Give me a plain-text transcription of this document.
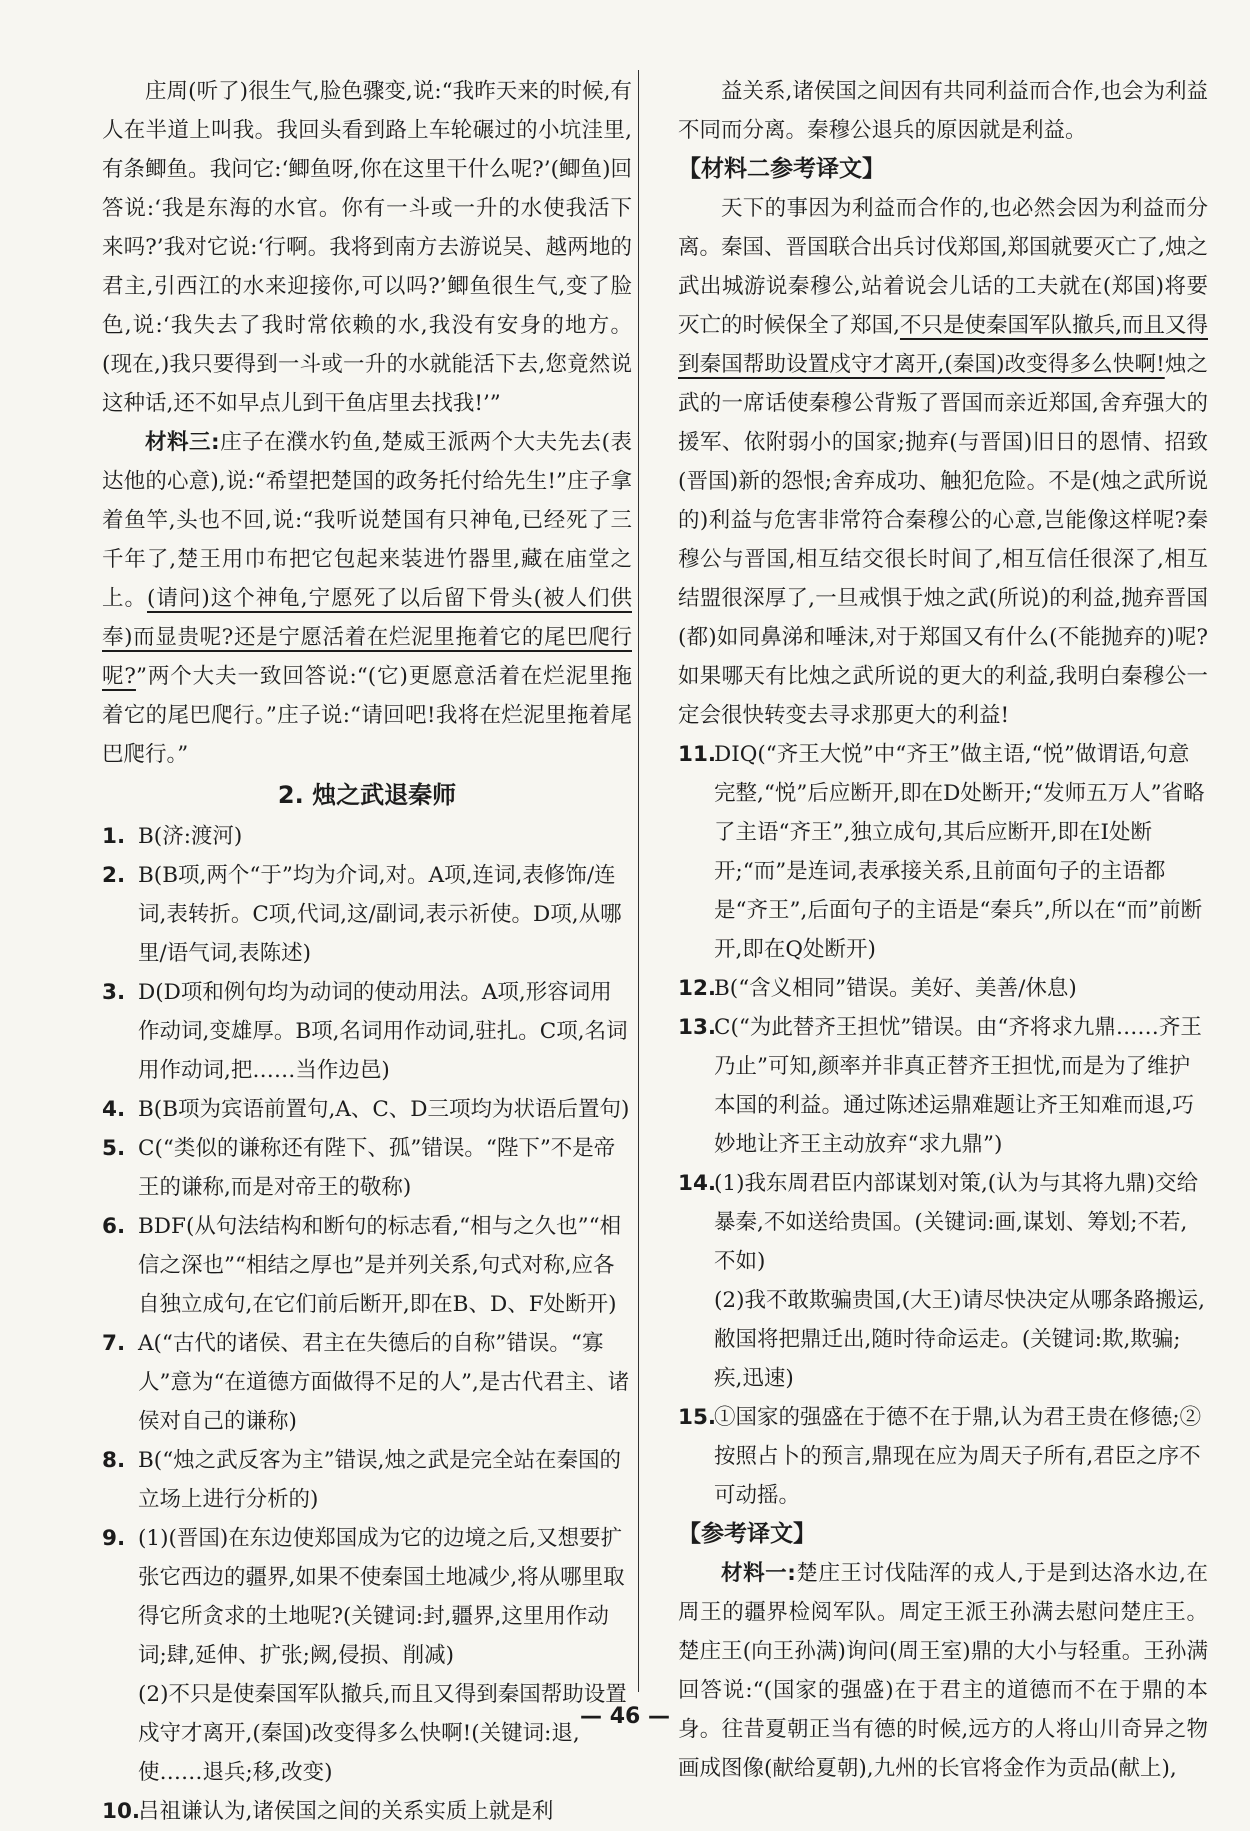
庄周(听了)很生气,脸色骤变,说:“我昨天来的时候,有人在半道上叫我。我回头看到路上车轮碾过的小坑洼里,有条鲫鱼。我问它:‘鲫鱼呀,你在这里干什么呢?’(鲫鱼)回答说:‘我是东海的水官。你有一斗或一升的水使我活下来吗?’我对它说:‘行啊。我将到南方去游说吴、越两地的君主,引西江的水来迎接你,可以吗?’鲫鱼很生气,变了脸色,说:‘我失去了我时常依赖的水,我没有安身的地方。(现在,)我只要得到一斗或一升的水就能活下去,您竟然说这种话,还不如早点儿到干鱼店里去找我!’”

材料三:庄子在濮水钓鱼,楚威王派两个大夫先去(表达他的心意),说:“希望把楚国的政务托付给先生!”庄子拿着鱼竿,头也不回,说:“我听说楚国有只神龟,已经死了三千年了,楚王用巾布把它包起来装进竹器里,藏在庙堂之上。(请问)这个神龟,宁愿死了以后留下骨头(被人们供奉)而显贵呢?还是宁愿活着在烂泥里拖着它的尾巴爬行呢?”两个大夫一致回答说:“(它)更愿意活着在烂泥里拖着它的尾巴爬行。”庄子说:“请回吧!我将在烂泥里拖着尾巴爬行。”

2. 烛之武退秦师
1. B(济:渡河)
2. B(B项,两个“于”均为介词,对。A项,连词,表修饰/连词,表转折。C项,代词,这/副词,表示祈使。D项,从哪里/语气词,表陈述)
3. D(D项和例句均为动词的使动用法。A项,形容词用作动词,变雄厚。B项,名词用作动词,驻扎。C项,名词用作动词,把……当作边邑)
4. B(B项为宾语前置句,A、C、D三项均为状语后置句)
5. C(“类似的谦称还有陛下、孤”错误。“陛下”不是帝王的谦称,而是对帝王的敬称)
6. BDF(从句法结构和断句的标志看,“相与之久也”“相信之深也”“相结之厚也”是并列关系,句式对称,应各自独立成句,在它们前后断开,即在B、D、F处断开)
7. A(“古代的诸侯、君主在失德后的自称”错误。“寡人”意为“在道德方面做得不足的人”,是古代君主、诸侯对自己的谦称)
8. B(“烛之武反客为主”错误,烛之武是完全站在秦国的立场上进行分析的)
9. (1)(晋国)在东边使郑国成为它的边境之后,又想要扩张它西边的疆界,如果不使秦国土地减少,将从哪里取得它所贪求的土地呢?(关键词:封,疆界,这里用作动词;肆,延伸、扩张;阙,侵损、削减)
(2)不只是使秦国军队撤兵,而且又得到秦国帮助设置戍守才离开,(秦国)改变得多么快啊!(关键词:退,使……退兵;移,改变)
10.
吕祖谦认为,诸侯国之间的关系实质上就是利

益关系,诸侯国之间因有共同利益而合作,也会为利益不同而分离。秦穆公退兵的原因就是利益。

【材料二参考译文】

天下的事因为利益而合作的,也必然会因为利益而分离。秦国、晋国联合出兵讨伐郑国,郑国就要灭亡了,烛之武出城游说秦穆公,站着说会儿话的工夫就在(郑国)将要灭亡的时候保全了郑国,不只是使秦国军队撤兵,而且又得到秦国帮助设置戍守才离开,(秦国)改变得多么快啊!烛之武的一席话使秦穆公背叛了晋国而亲近郑国,舍弃强大的援军、依附弱小的国家;抛弃(与晋国)旧日的恩情、招致(晋国)新的怨恨;舍弃成功、触犯危险。不是(烛之武所说的)利益与危害非常符合秦穆公的心意,岂能像这样呢?秦穆公与晋国,相互结交很长时间了,相互信任很深了,相互结盟很深厚了,一旦戒惧于烛之武(所说)的利益,抛弃晋国(都)如同鼻涕和唾沫,对于郑国又有什么(不能抛弃的)呢?如果哪天有比烛之武所说的更大的利益,我明白秦穆公一定会很快转变去寻求那更大的利益!

11.
DIQ(“齐王大悦”中“齐王”做主语,“悦”做谓语,句意完整,“悦”后应断开,即在D处断开;“发师五万人”省略了主语“齐王”,独立成句,其后应断开,即在I处断开;“而”是连词,表承接关系,且前面句子的主语都是“齐王”,后面句子的主语是“秦兵”,所以在“而”前断开,即在Q处断开)
12.
B(“含义相同”错误。美好、美善/休息)
13.
C(“为此替齐王担忧”错误。由“齐将求九鼎……齐王乃止”可知,颜率并非真正替齐王担忧,而是为了维护本国的利益。通过陈述运鼎难题让齐王知难而退,巧妙地让齐王主动放弃“求九鼎”)
14.
(1)我东周君臣内部谋划对策,(认为与其将九鼎)交给暴秦,不如送给贵国。(关键词:画,谋划、筹划;不若,不如)
(2)我不敢欺骗贵国,(大王)请尽快决定从哪条路搬运,敝国将把鼎迁出,随时待命运走。(关键词:欺,欺骗;疾,迅速)
15.
①国家的强盛在于德不在于鼎,认为君王贵在修德;②按照占卜的预言,鼎现在应为周天子所有,君臣之序不可动摇。
【参考译文】

材料一:楚庄王讨伐陆浑的戎人,于是到达洛水边,在周王的疆界检阅军队。周定王派王孙满去慰问楚庄王。楚庄王(向王孙满)询问(周王室)鼎的大小与轻重。王孙满回答说:“(国家的强盛)在于君主的道德而不在于鼎的本身。往昔夏朝正当有德的时候,远方的人将山川奇异之物画成图像(献给夏朝),九州的长官将金作为贡品(献上),

— 46 —
